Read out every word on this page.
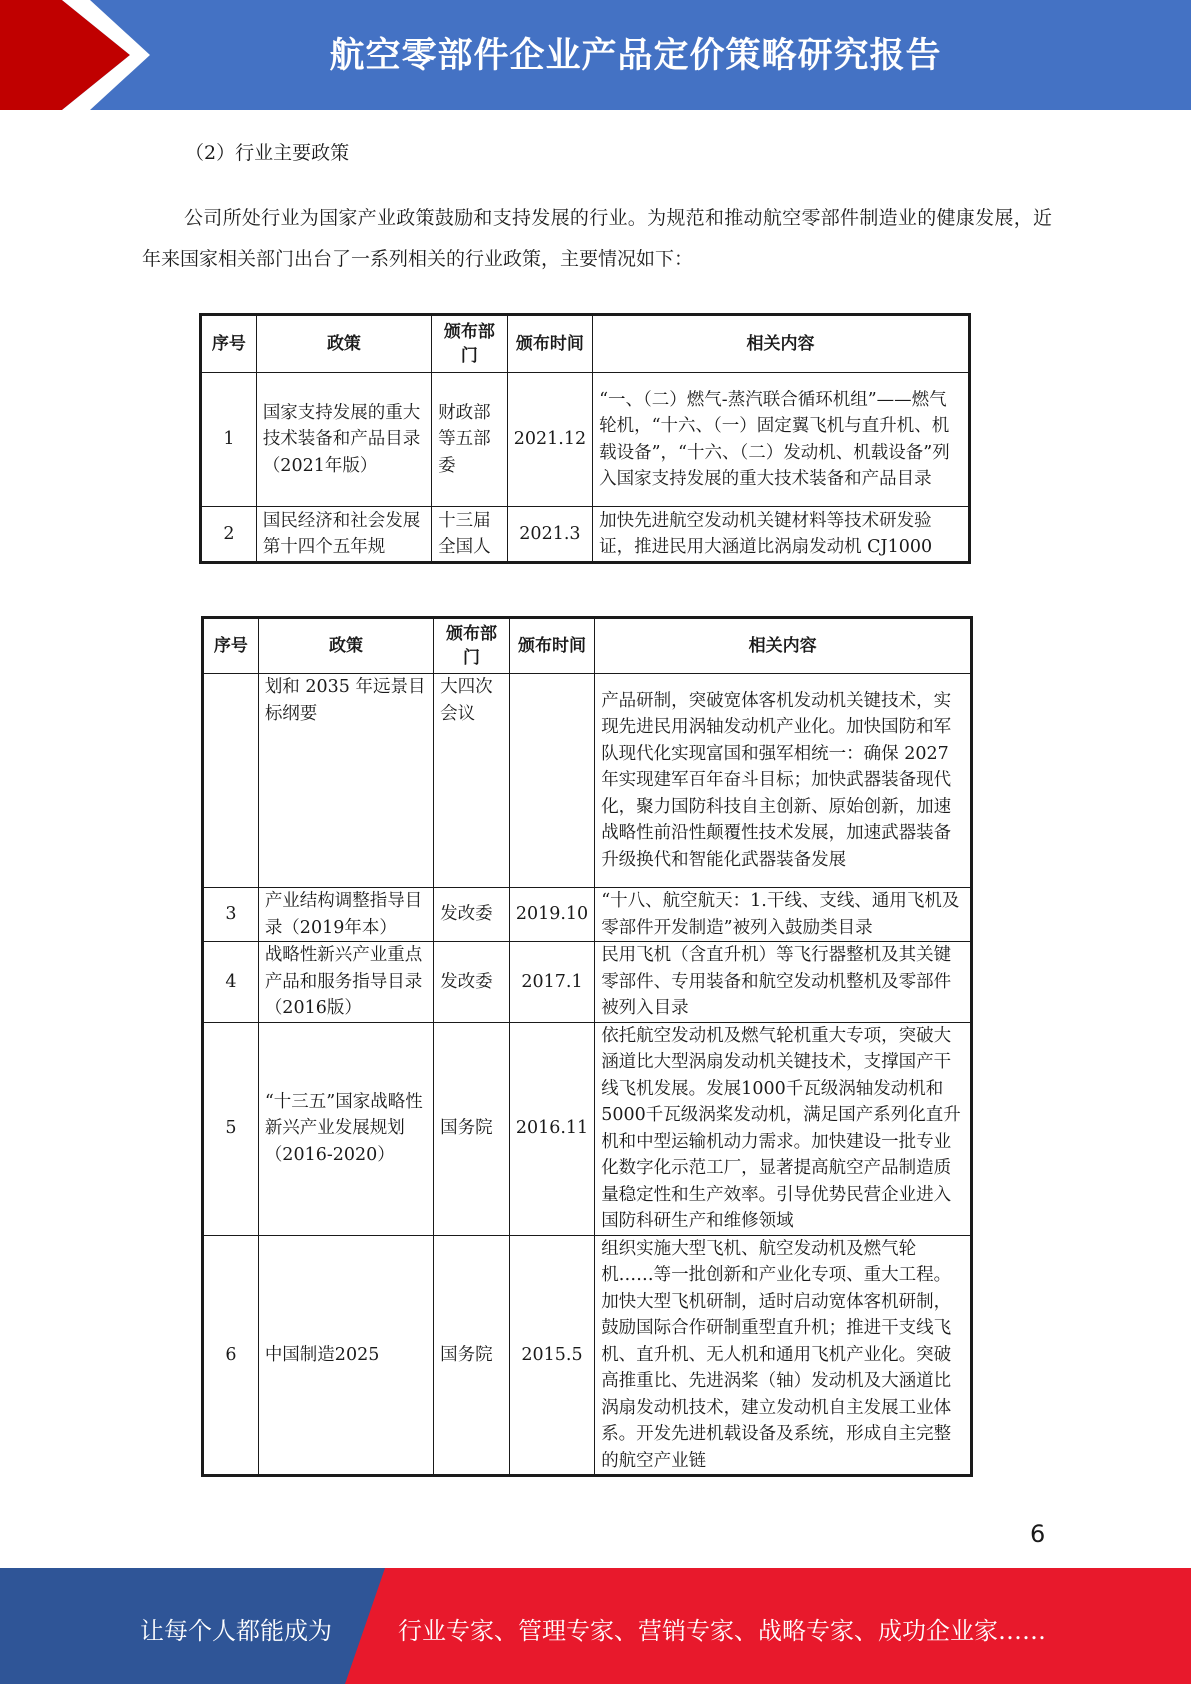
航空零部件企业产品定价策略研究报告
（2）行业主要政策
公司所处行业为国家产业政策鼓励和支持发展的行业。为规范和推动航空零部件制造业的健康发展，近年来国家相关部门出台了一系列相关的行业政策，主要情况如下：
序号	政策	颁布部门	颁布时间	相关内容
1	国家支持发展的重大技术装备和产品目录（2021年版）	财政部等五部委	2021.12	“一、（二）燃气-蒸汽联合循环机组”——燃气轮机，“十六、（一）固定翼飞机与直升机、机载设备”，“十六、（二）发动机、机载设备”列入国家支持发展的重大技术装备和产品目录
2	国民经济和社会发展第十四个五年规	十三届全国人	2021.3	加快先进航空发动机关键材料等技术研发验证，推进民用大涵道比涡扇发动机 CJ1000
序号	政策	颁布部门	颁布时间	相关内容
	划和 2035 年远景目标纲要	大四次会议		产品研制，突破宽体客机发动机关键技术，实现先进民用涡轴发动机产业化。加快国防和军队现代化实现富国和强军相统一：确保 2027 年实现建军百年奋斗目标；加快武器装备现代化，聚力国防科技自主创新、原始创新，加速战略性前沿性颠覆性技术发展，加速武器装备升级换代和智能化武器装备发展
3	产业结构调整指导目录（2019年本）	发改委	2019.10	“十八、航空航天：1.干线、支线、通用飞机及零部件开发制造”被列入鼓励类目录
4	战略性新兴产业重点产品和服务指导目录（2016版）	发改委	2017.1	民用飞机（含直升机）等飞行器整机及其关键零部件、专用装备和航空发动机整机及零部件被列入目录
5	“十三五”国家战略性新兴产业发展规划（2016-2020）	国务院	2016.11	依托航空发动机及燃气轮机重大专项，突破大涵道比大型涡扇发动机关键技术，支撑国产干线飞机发展。发展1000千瓦级涡轴发动机和5000千瓦级涡桨发动机，满足国产系列化直升机和中型运输机动力需求。加快建设一批专业化数字化示范工厂，显著提高航空产品制造质量稳定性和生产效率。引导优势民营企业进入国防科研生产和维修领域
6	中国制造2025	国务院	2015.5	组织实施大型飞机、航空发动机及燃气轮机……等一批创新和产业化专项、重大工程。加快大型飞机研制，适时启动宽体客机研制，鼓励国际合作研制重型直升机；推进干支线飞机、直升机、无人机和通用飞机产业化。突破高推重比、先进涡桨（轴）发动机及大涵道比涡扇发动机技术，建立发动机自主发展工业体系。开发先进机载设备及系统，形成自主完整的航空产业链
6
让每个人都能成为	行业专家、管理专家、营销专家、战略专家、成功企业家……
